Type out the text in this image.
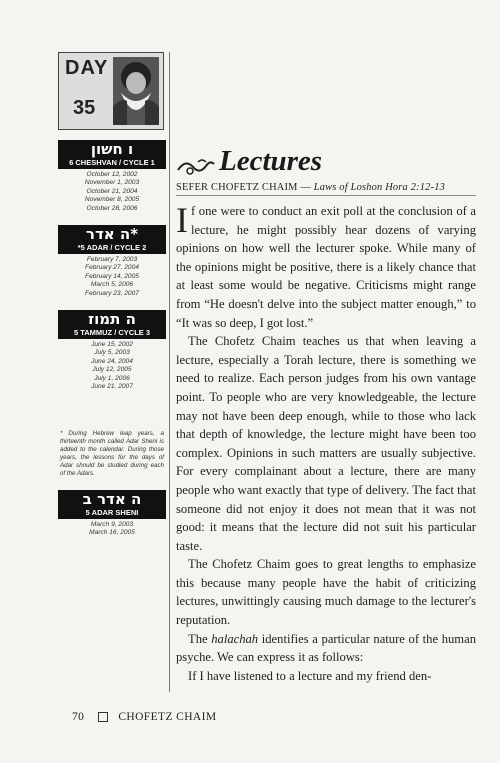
DAY
35
ו חשון
6 CHESHVAN / CYCLE 1
October 12, 2002
November 1, 2003
October 21, 2004
November 8, 2005
October 28, 2006
*ה אדר
*5 ADAR / CYCLE 2
February 7, 2003
February 27, 2004
February 14, 2005
March 5, 2006
February 23, 2007
ה תמוז
5 TAMMUZ / CYCLE 3
June 15, 2002
July 5, 2003
June 24, 2004
July 12, 2005
July 1, 2006
June 21, 2007
* During Hebrew leap years, a thirteenth month called Adar Sheni is added to the calendar. During those years, the lessons for the days of Adar should be studied during each of the Adars.
ה אדר ב
5 ADAR SHENI
March 9, 2003
March 16, 2005
Lectures
SEFER CHOFETZ CHAIM — Laws of Loshon Hora 2:12-13

If one were to conduct an exit poll at the conclusion of a lecture, he might possibly hear dozens of varying opinions on how well the lecturer spoke. While many of the opinions might be positive, there is a likely chance that at least some would be negative. Criticisms might range from “He doesn't delve into the subject matter enough,” to “It was so deep, I got lost.”

The Chofetz Chaim teaches us that when leaving a lecture, especially a Torah lecture, there is something we need to realize. Each person judges from his own vantage point. To people who are very knowledgeable, the lecture may not have been deep enough, while to those who lack that depth of knowledge, the lecture might have been too complex. Opinions in such matters are usually subjective. For every complainant about a lecture, there are many people who want exactly that type of delivery. The fact that someone did not enjoy it does not mean that it was not good: it means that the lecture did not suit his particular taste.

The Chofetz Chaim goes to great lengths to emphasize this because many people have the habit of criticizing lectures, unwittingly causing much damage to the lecturer's reputation.

The halachah identifies a particular nature of the human psyche. We can express it as follows:

If I have listened to a lecture and my friend den-

70	CHOFETZ CHAIM
